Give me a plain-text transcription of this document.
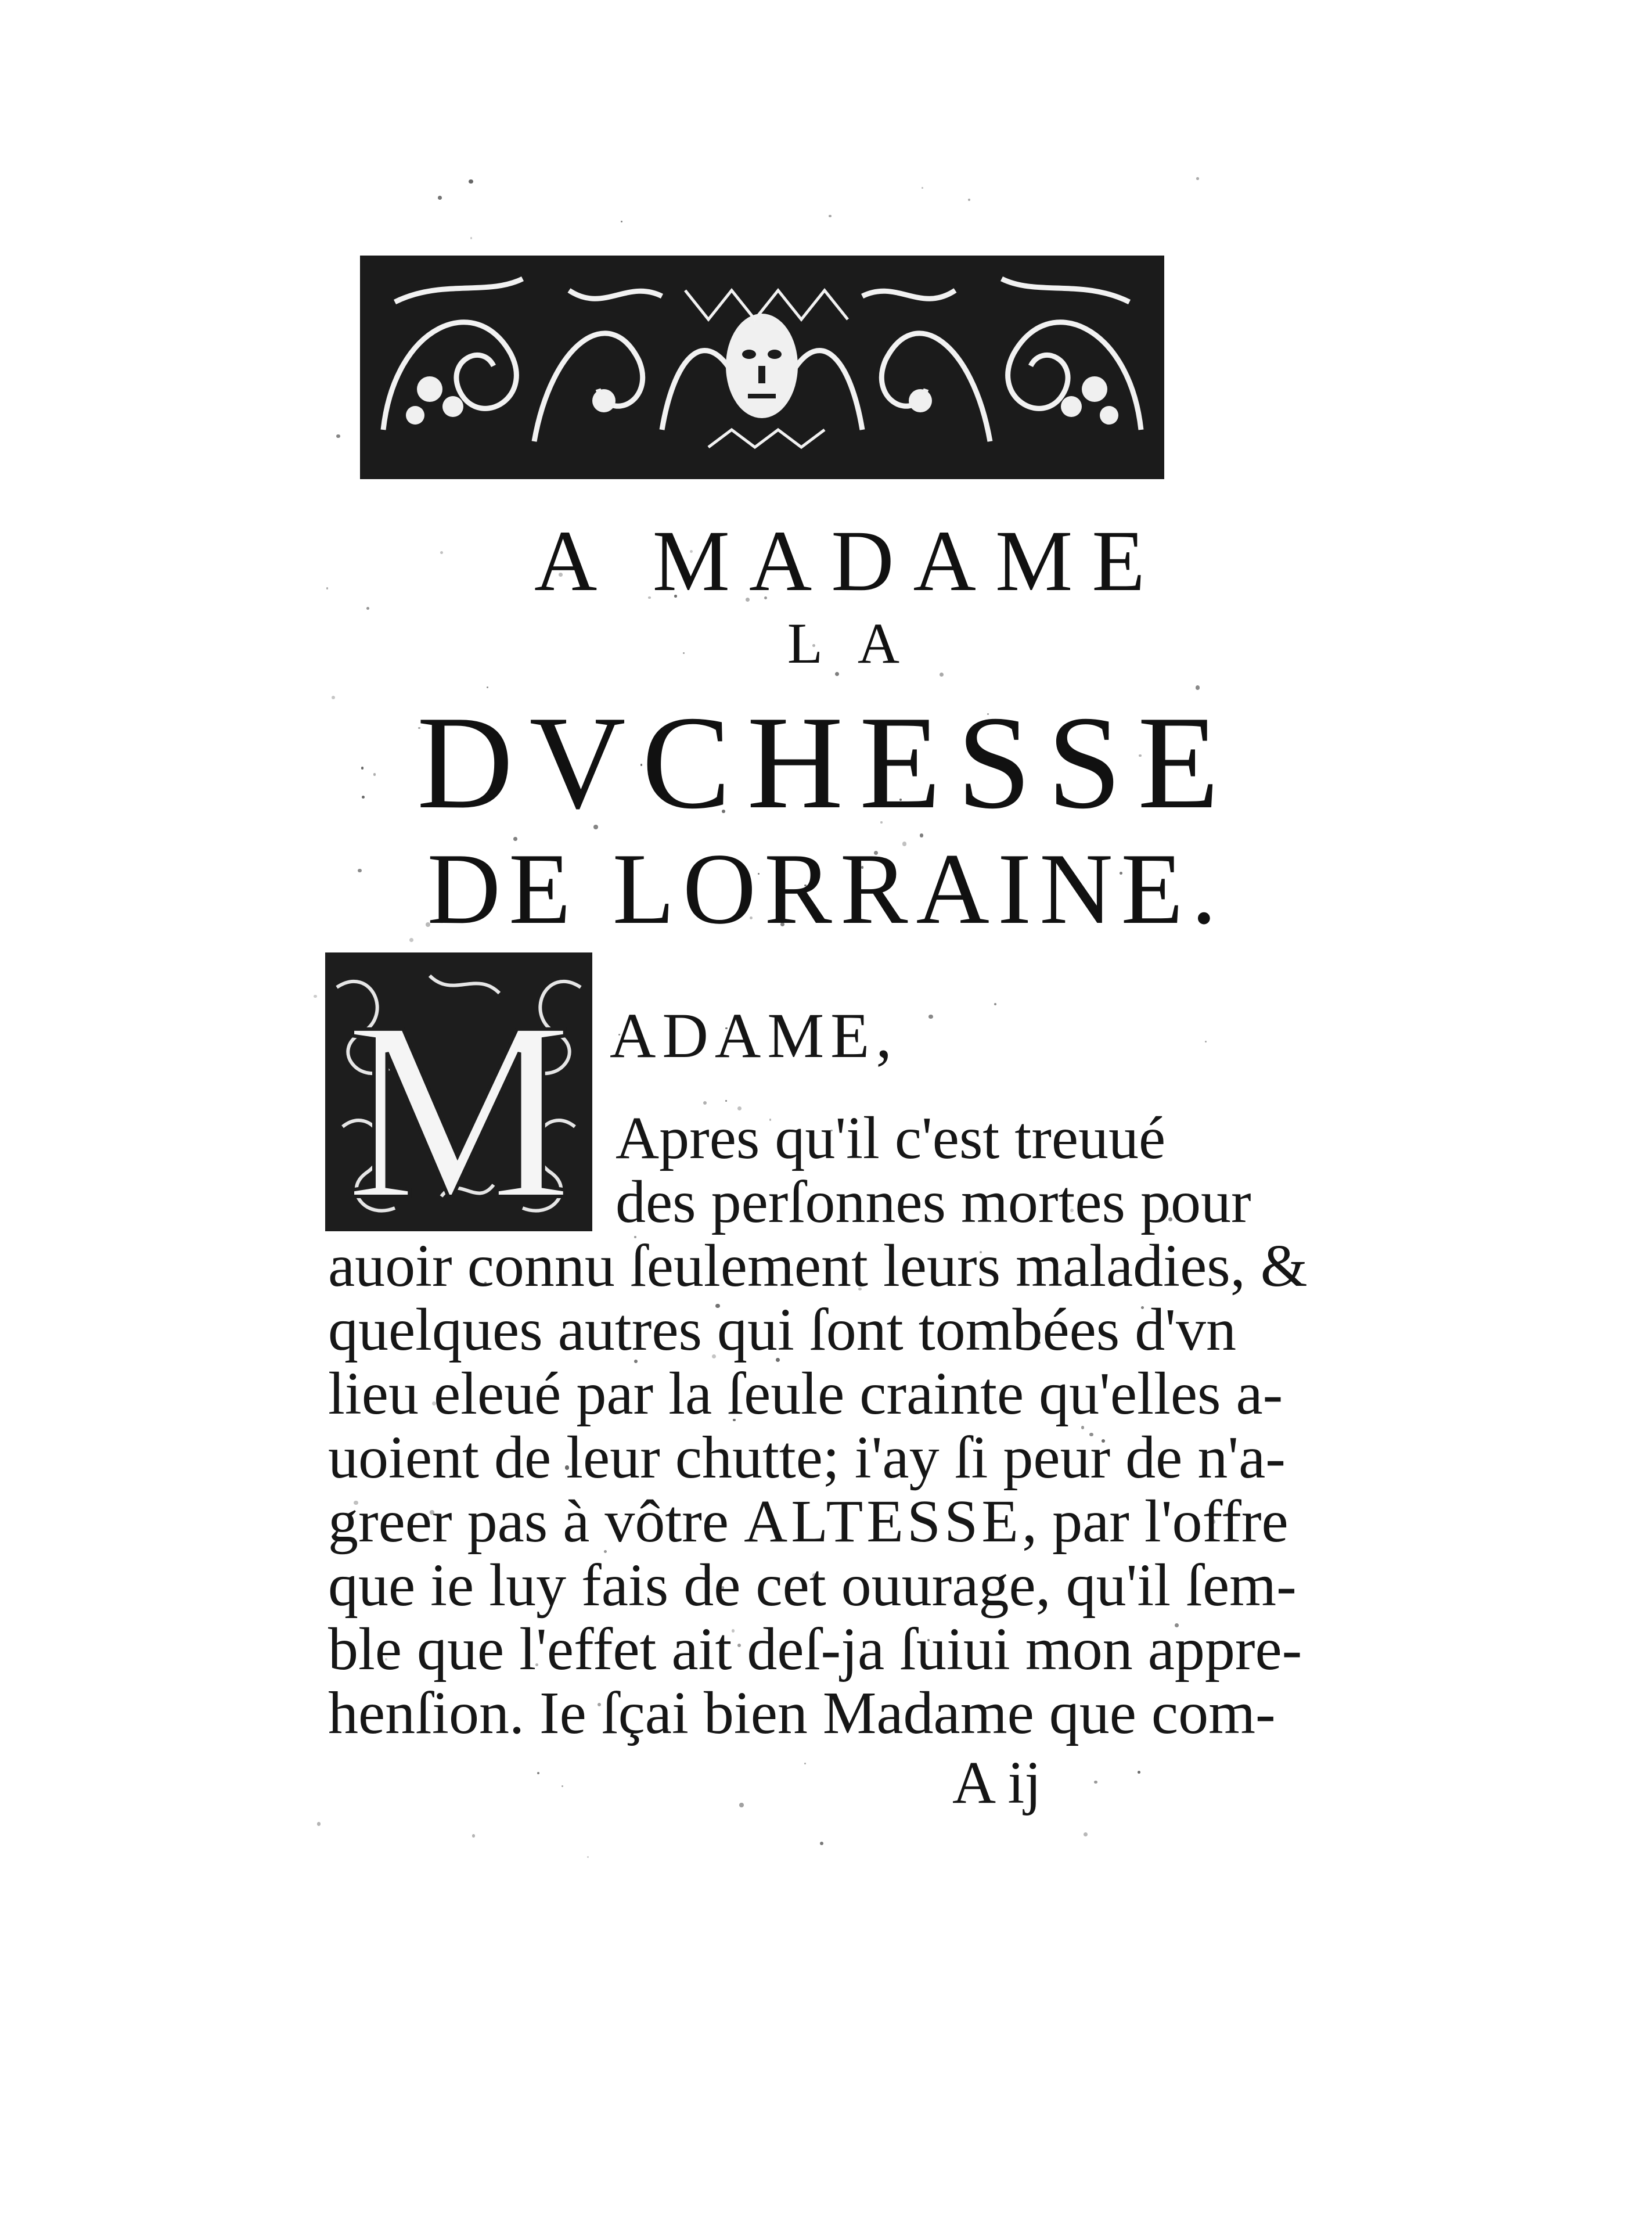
A MADAME
LA
DVCHESSE
DE LORRAINE.
M ADAME,
Apres qu'il c'est treuué
des perſonnes mortes pour
auoir connu ſeulement leurs maladies, &
quelques autres qui ſont tombées d'vn
lieu eleué par la ſeule crainte qu'elles a-
uoient de leur chutte; i'ay ſi peur de n'a-
greer pas à vôtre ALTESSE, par l'offre
que ie luy fais de cet ouurage, qu'il ſem-
ble que l'effet ait deſ-ja ſuiui mon appre-
henſion. Ie ſçai bien Madame que com-
A ij
